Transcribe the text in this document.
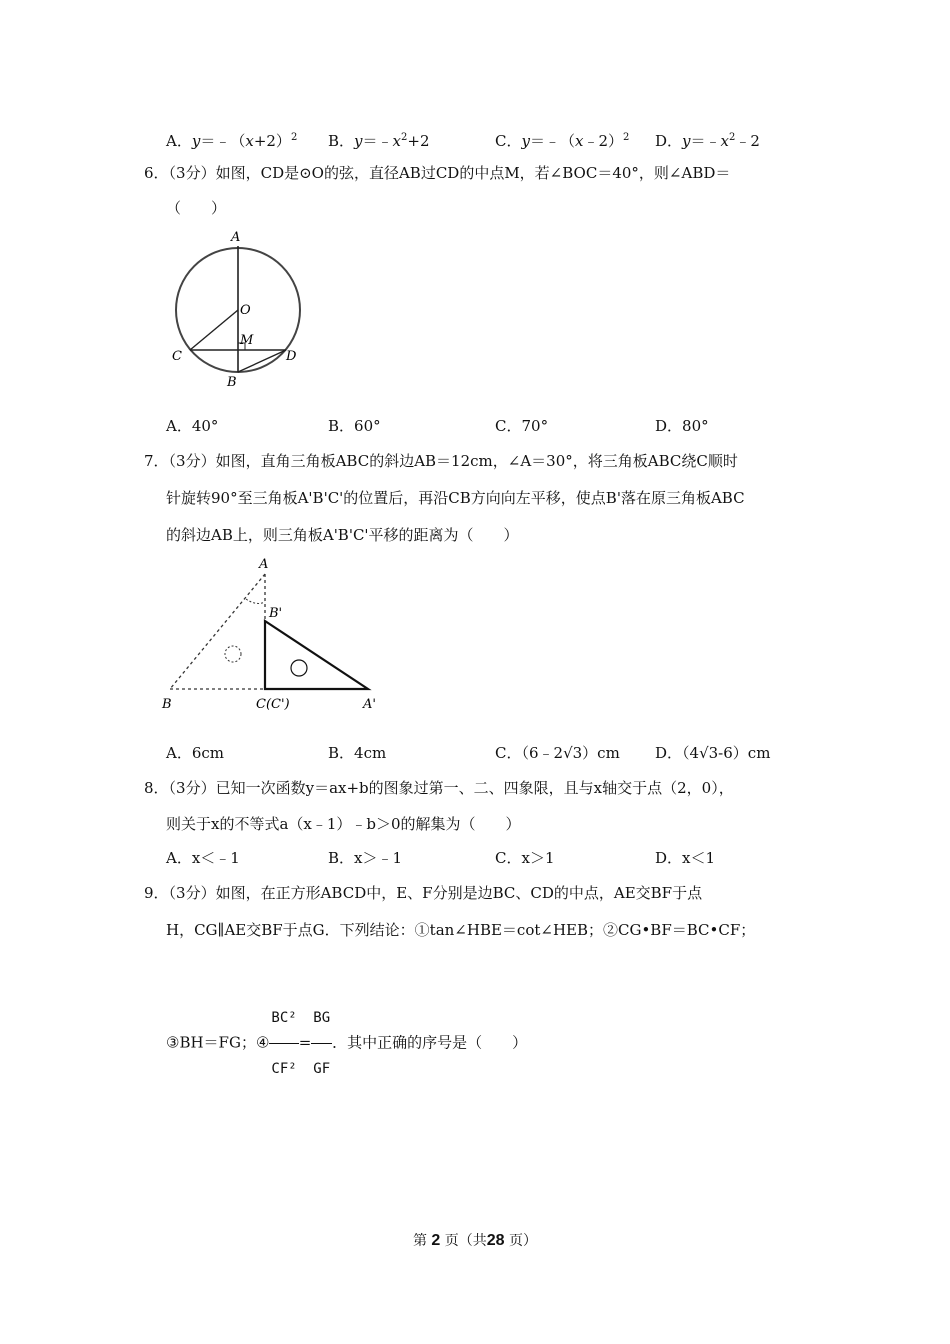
A．$y=﹣(x+2)^2$ B．$y=﹣x^2+2$	C．y＝﹣（x﹣2）$^2$ D．$y=﹣x^2﹣2$
6．（3分）如图，CD是⊙O的弦，直径AB过CD的中点M，若∠BOC＝40°，则∠ABD＝
（　　）
A
O
M
C	D
B
A．40°	B．60°	C．70°	D．80°
7．（3分）如图，直角三角板ABC的斜边AB＝12cm，∠A＝30°，将三角板ABC绕C顺时
针旋转90°至三角板A'B'C'的位置后，再沿CB方向向左平移，使点B'落在原三角板ABC
的斜边AB上，则三角板A'B'C'平移的距离为（　　）
A
B'
B	C(C')	A'
A．6cm	B．4cm	C．（6﹣2√3）cm D．（4√3-6）cm
8．（3分）已知一次函数y＝ax+b的图象过第一、二、四象限，且与x轴交于点（2，0），
则关于x的不等式a（x﹣1）﹣b＞0的解集为（　　）
A．x＜﹣1	B．x＞﹣1	C．x＞1	D．x＜1
9．（3分）如图，在正方形ABCD中，E、F分别是边BC、CD的中点，AE交BF于点
H，CG∥AE交BF于点G．下列结论：①tan∠HBE＝cot∠HEB；②CG•BF＝BC•CF；
③BH＝FG；④ $\frac{\text{BC²}}{\text{CF²}} = \frac{BG}{GF}$ ．其中正确的序号是（　　）
第 2 页（共28 页）
